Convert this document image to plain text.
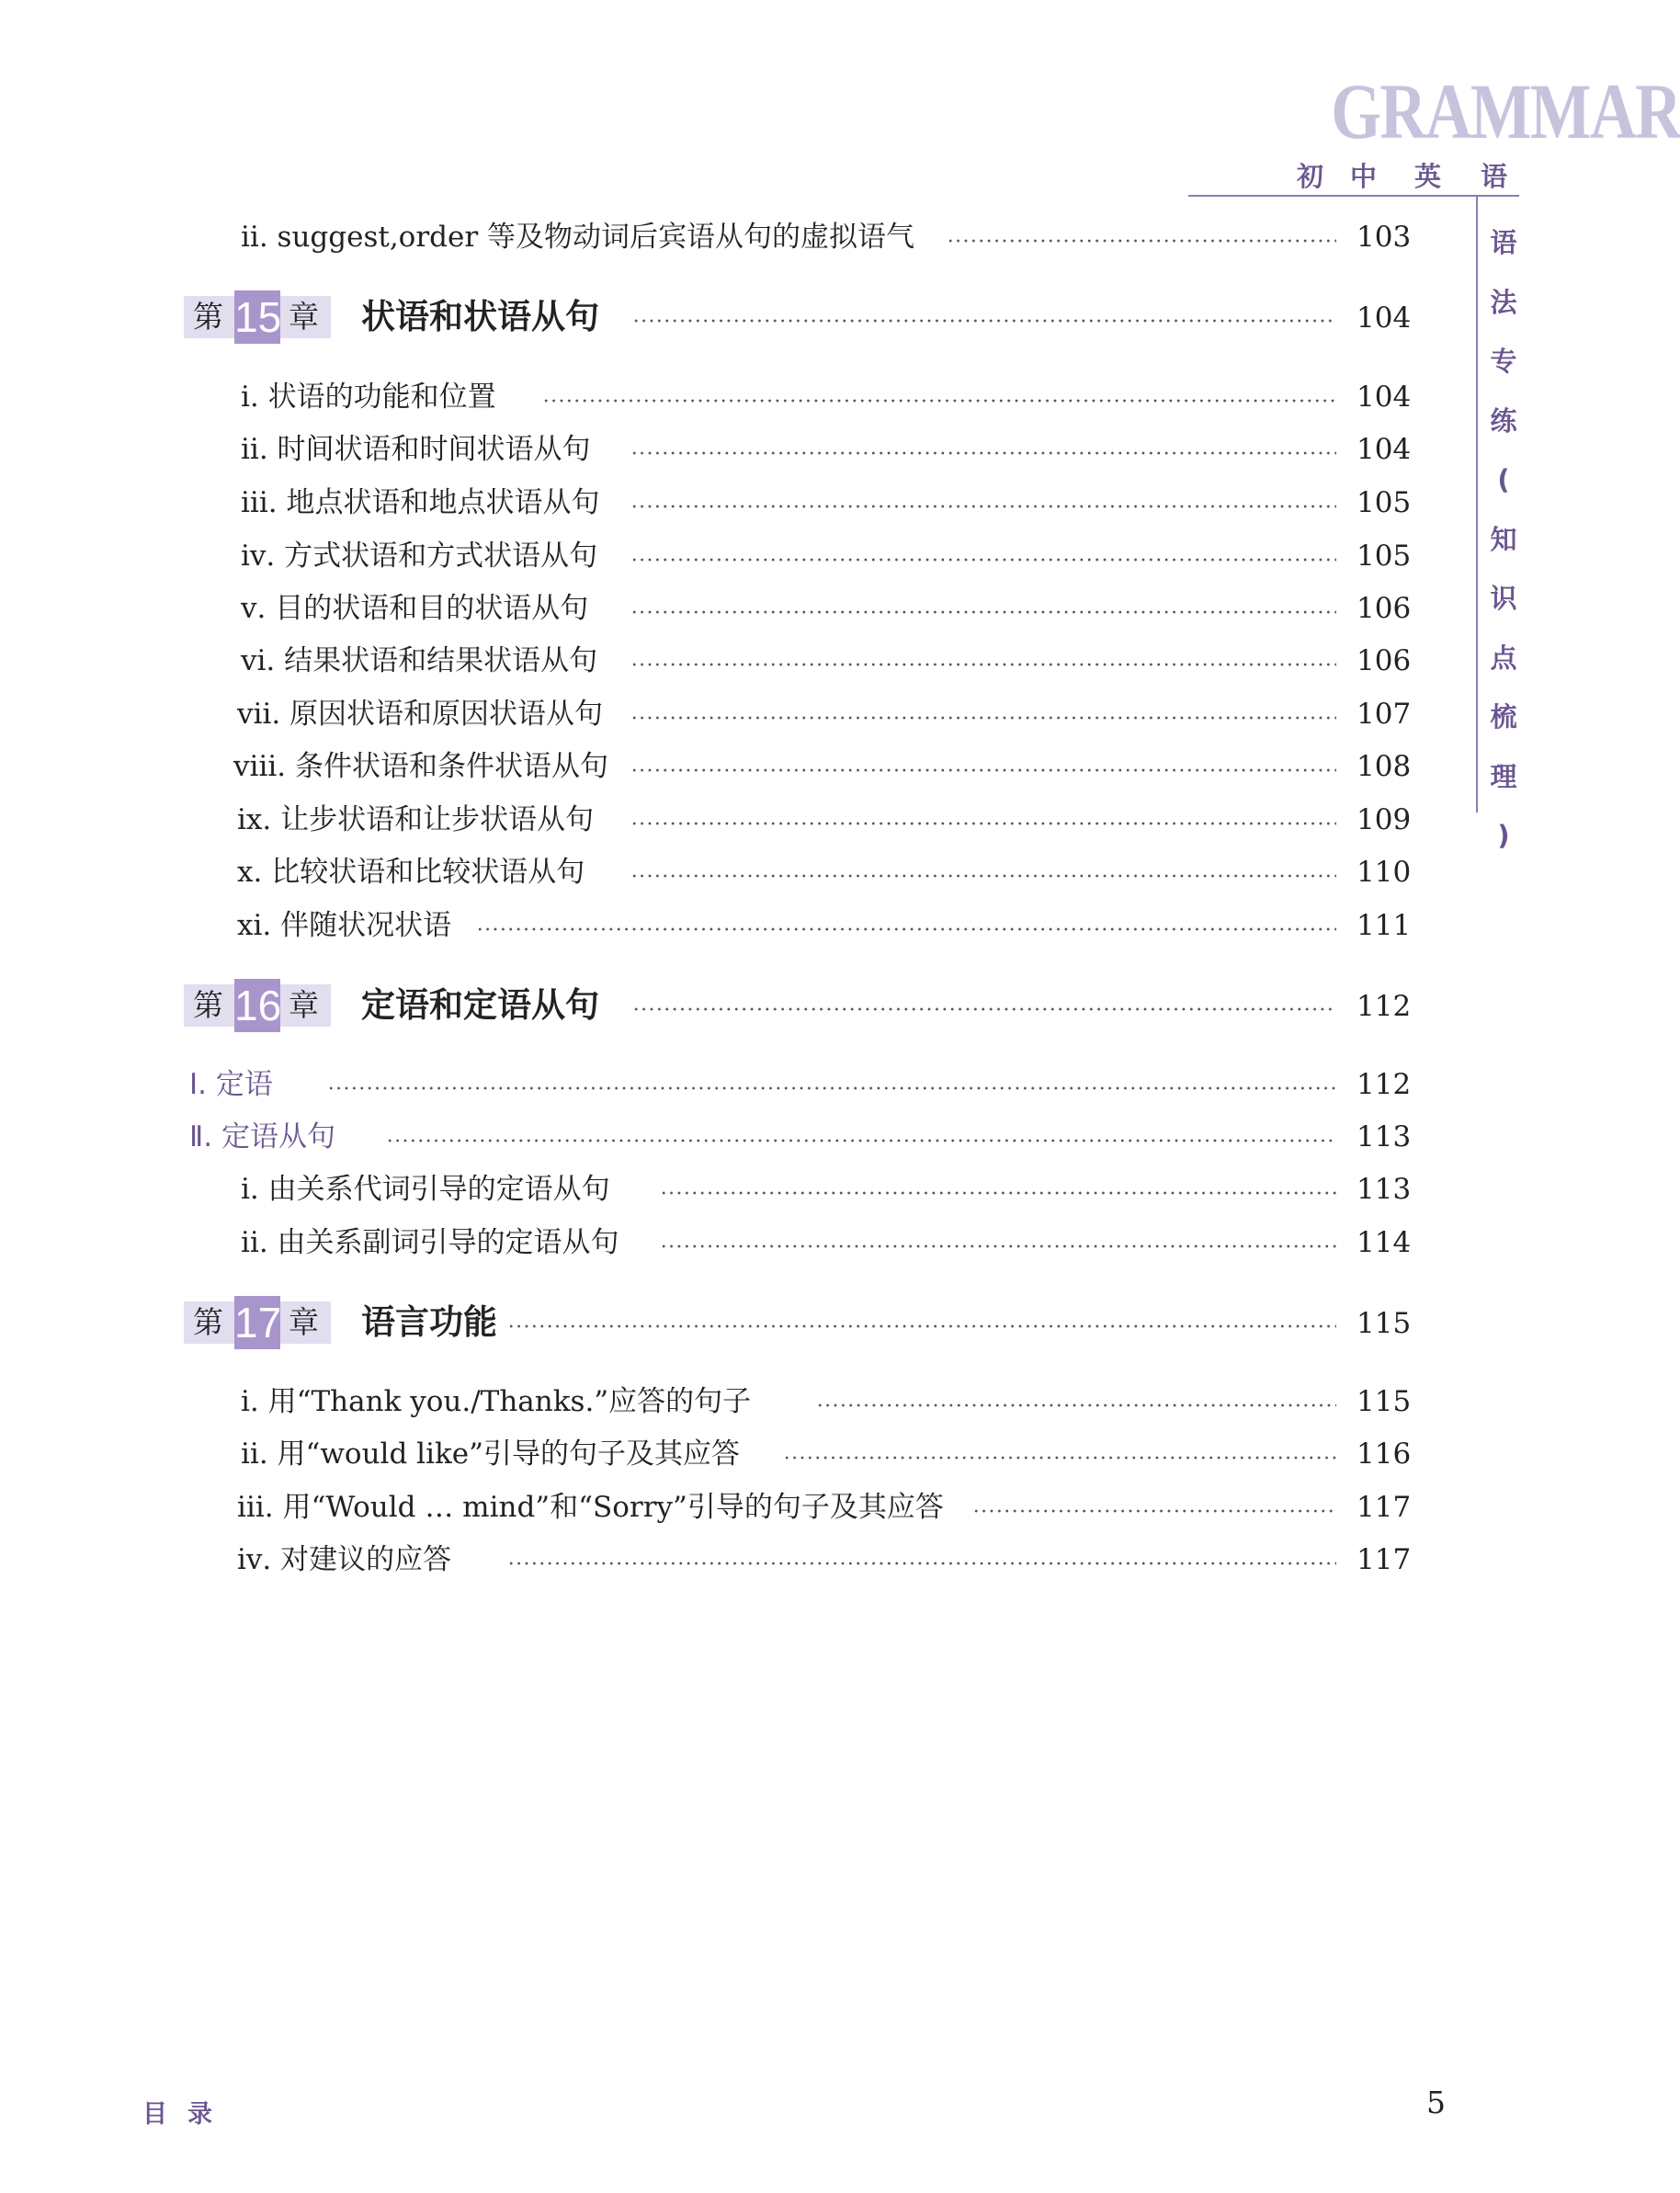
GRAMMAR
初 中 英 语
语
法
专
练
(
知
识
点
梳
理
)
ⅱ. suggest,order 等及物动词后宾语从句的虚拟语气	103
第 15 章 状语和状语从句	104
ⅰ. 状语的功能和位置	104
ⅱ. 时间状语和时间状语从句	104
ⅲ. 地点状语和地点状语从句	105
ⅳ. 方式状语和方式状语从句	105
ⅴ. 目的状语和目的状语从句	106
ⅵ. 结果状语和结果状语从句	106
ⅶ. 原因状语和原因状语从句	107
ⅷ. 条件状语和条件状语从句	108
ⅸ. 让步状语和让步状语从句	109
ⅹ. 比较状语和比较状语从句	110
ⅺ. 伴随状况状语	111
第 16 章 定语和定语从句	112
Ⅰ. 定语	112
Ⅱ. 定语从句	113
ⅰ. 由关系代词引导的定语从句	113
ⅱ. 由关系副词引导的定语从句	114
第 17 章 语言功能	115
ⅰ. 用“Thank you.∕Thanks.”应答的句子	115
ⅱ. 用“would like”引导的句子及其应答	116
ⅲ. 用“Would … mind”和“Sorry”引导的句子及其应答	117
ⅳ. 对建议的应答	117
目录	5
